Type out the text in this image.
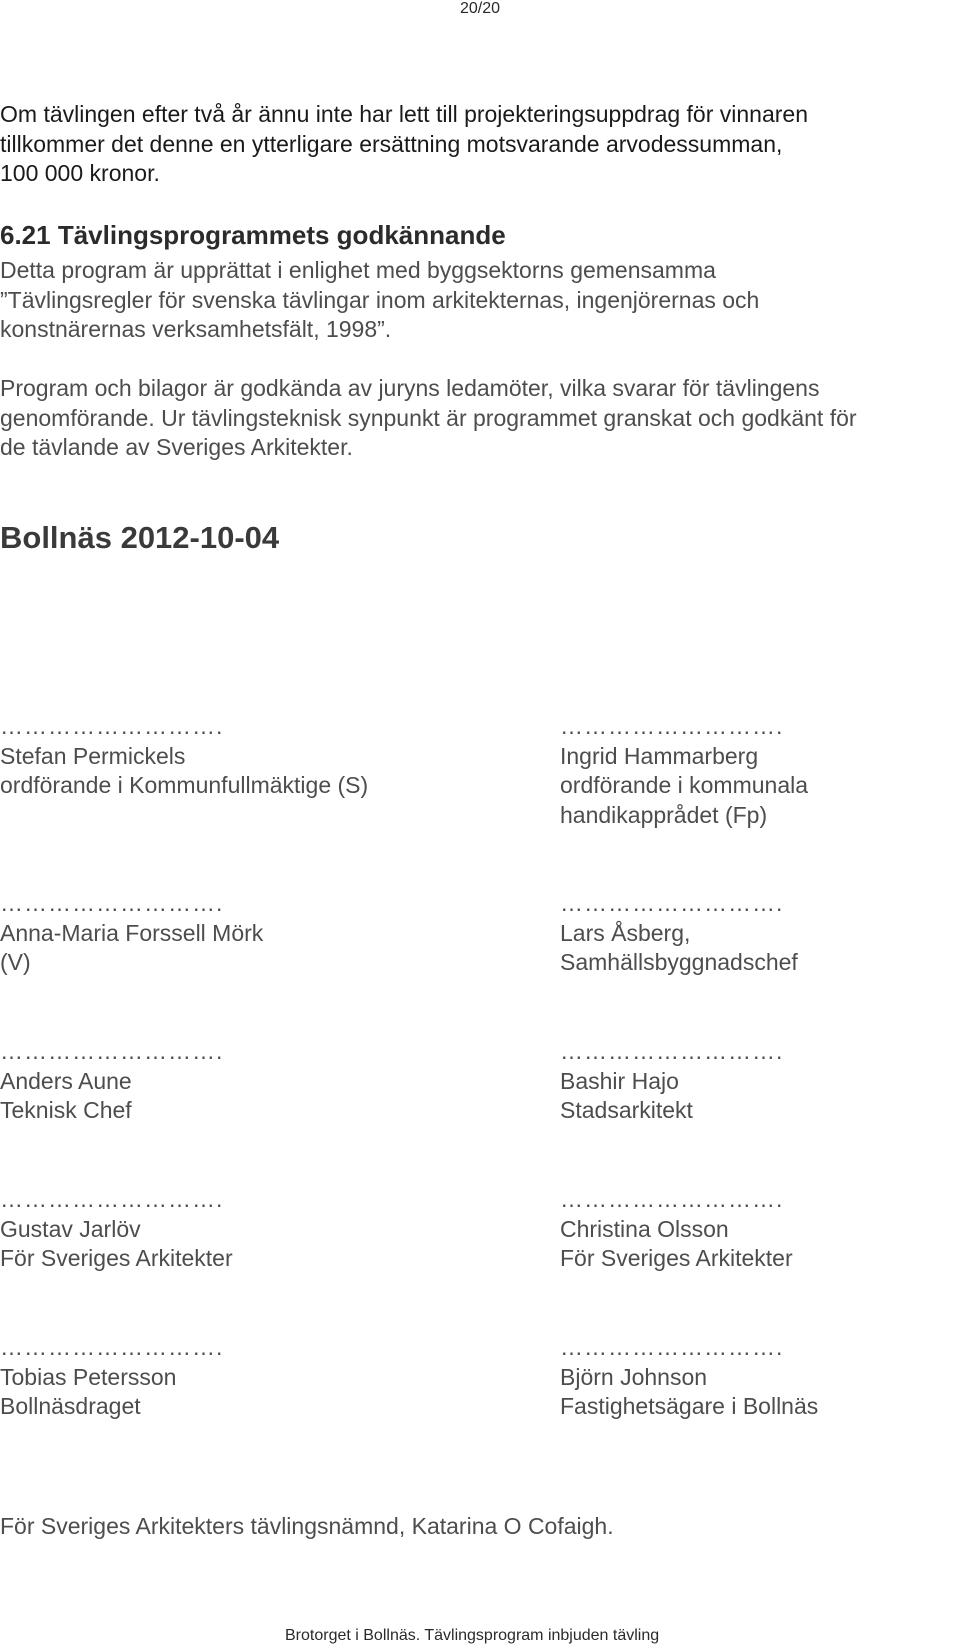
20/20

Om tävlingen efter två år ännu inte har lett till projekteringsuppdrag för vinnaren
tillkommer det denne en ytterligare ersättning motsvarande arvodessumman,
100 000 kronor.

6.21 Tävlingsprogrammets godkännande

Detta program är upprättat i enlighet med byggsektorns gemensamma
”Tävlingsregler för svenska tävlingar inom arkitekternas, ingenjörernas och
konstnärernas verksamhetsfält, 1998”.

Program och bilagor är godkända av juryns ledamöter, vilka svarar för tävlingens
genomförande. Ur tävlingsteknisk synpunkt är programmet granskat och godkänt för
de tävlande av Sveriges Arkitekter.

Bollnäs 2012-10-04
……………………….
Stefan Permickels
ordförande i Kommunfullmäktige (S)
……………………….
Ingrid Hammarberg
ordförande i kommunala
handikapprådet (Fp)
……………………….
Anna-Maria Forssell Mörk
(V)
……………………….
Lars Åsberg,
Samhällsbyggnadschef
……………………….
Anders Aune
Teknisk Chef
……………………….
Bashir Hajo
Stadsarkitekt
……………………….
Gustav Jarlöv
För Sveriges Arkitekter
……………………….
Christina Olsson
För Sveriges Arkitekter
……………………….
Tobias Petersson
Bollnäsdraget
……………………….
Björn Johnson
Fastighetsägare i Bollnäs

För Sveriges Arkitekters tävlingsnämnd, Katarina O Cofaigh.

Brotorget i Bollnäs. Tävlingsprogram inbjuden tävling
